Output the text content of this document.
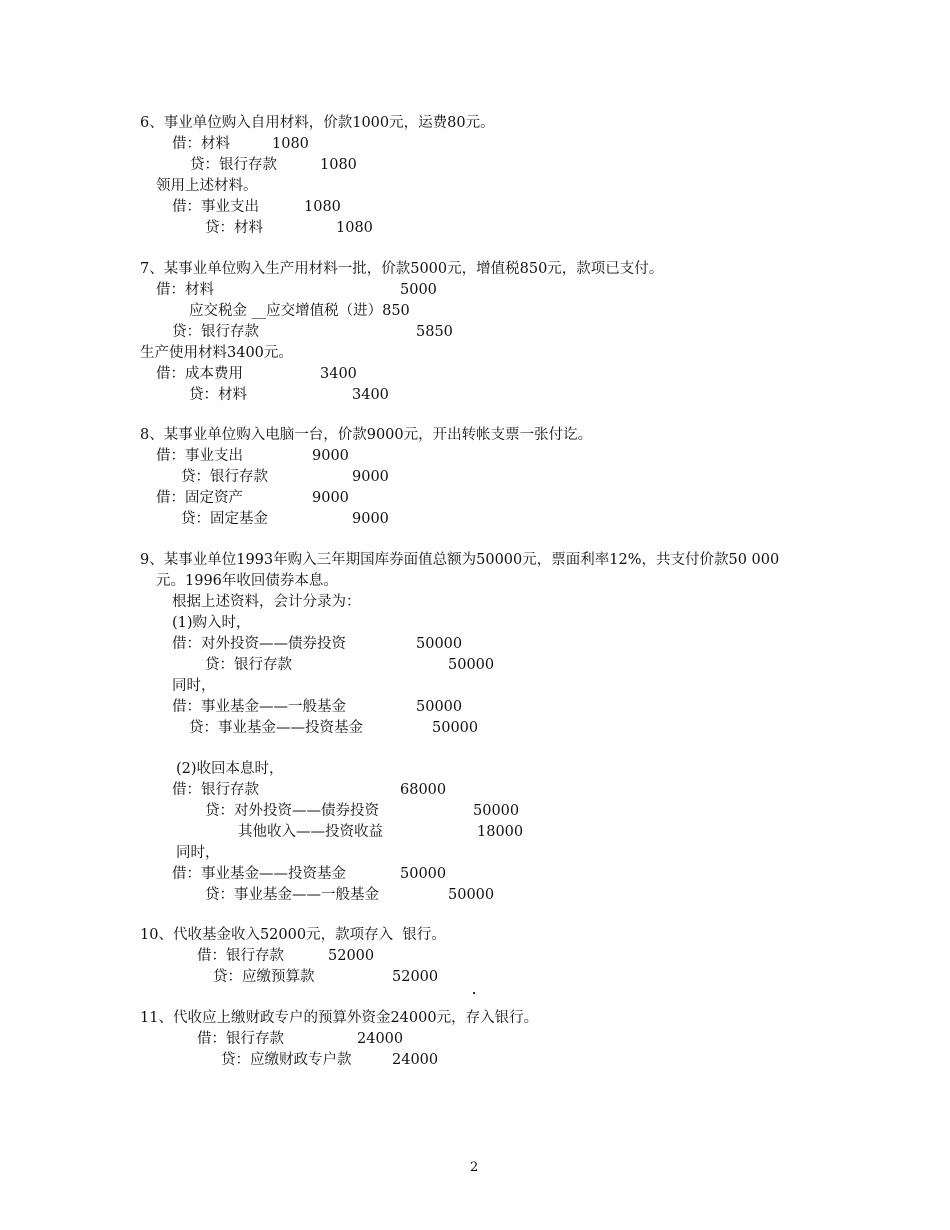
6、事业单位购入自用材料，价款1000元，运费80元。
借：材料	1080
贷：银行存款	1080
领用上述材料。
借：事业支出	1080
贷：材料	1080
7、某事业单位购入生产用材料一批，价款5000元，增值税850元，款项已支付。
借：材料	5000
应交税金 __应交增值税（进）850
贷：银行存款	5850
生产使用材料3400元。
借：成本费用	3400
贷：材料	3400
8、某事业单位购入电脑一台，价款9000元，开出转帐支票一张付讫。
借：事业支出	9000
贷：银行存款	9000
借：固定资产	9000
贷：固定基金	9000
9、某事业单位1993年购入三年期国库券面值总额为50000元，票面利率12%，共支付价款50 000
元。1996年收回债券本息。
根据上述资料，会计分录为：
(1)购入时，
借：对外投资——债券投资	50000
贷：银行存款	50000
同时，
借：事业基金——一般基金	50000
贷：事业基金——投资基金	50000
(2)收回本息时，
借：银行存款	68000
贷：对外投资——债券投资	50000
其他收入——投资收益	18000
同时，
借：事业基金——投资基金	50000
贷：事业基金——一般基金	50000
10、代收基金收入52000元，款项存入  银行。
借：银行存款	52000
贷：应缴预算款	52000
11、代收应上缴财政专户的预算外资金24000元，存入银行。
借：银行存款	24000
贷：应缴财政专户款	24000
2
